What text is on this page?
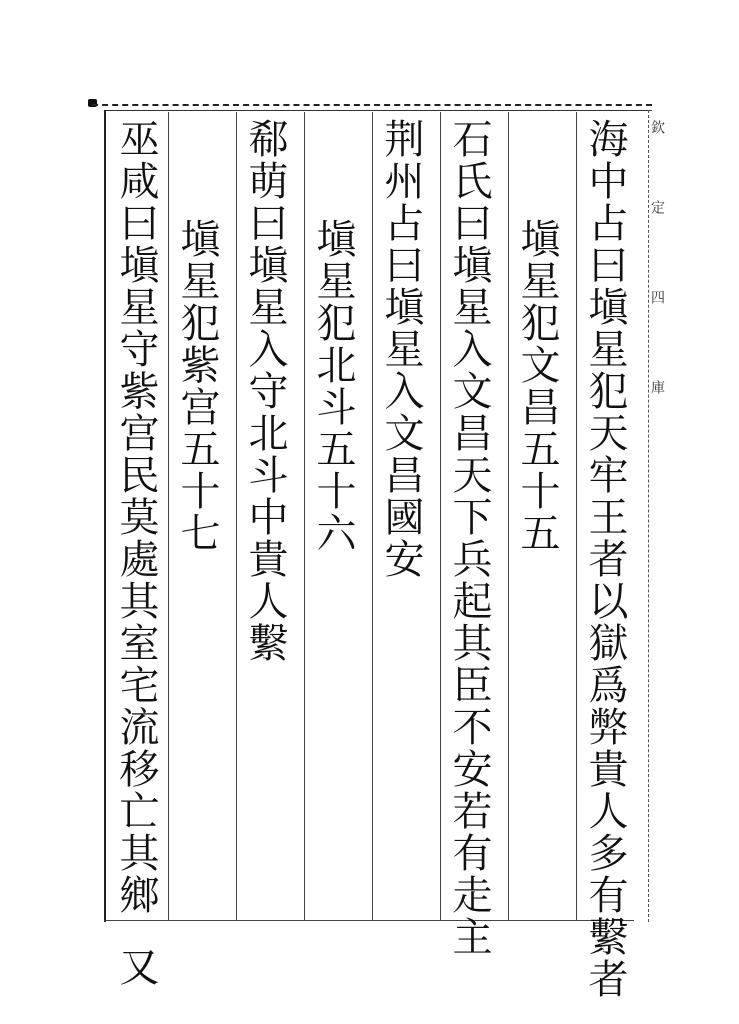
欽
定
四
庫
海中占曰塡星犯天牢王者以獄爲弊貴人多有繫者
塡星犯文昌五十五
石氏曰塡星入文昌天下兵起其臣不安若有走主
荆州占曰塡星入文昌國安
塡星犯北斗五十六
郗萌曰塡星入守北斗中貴人繫
塡星犯紫宫五十七
巫咸曰塡星守紫宫民莫處其室宅流移亡其鄉又
